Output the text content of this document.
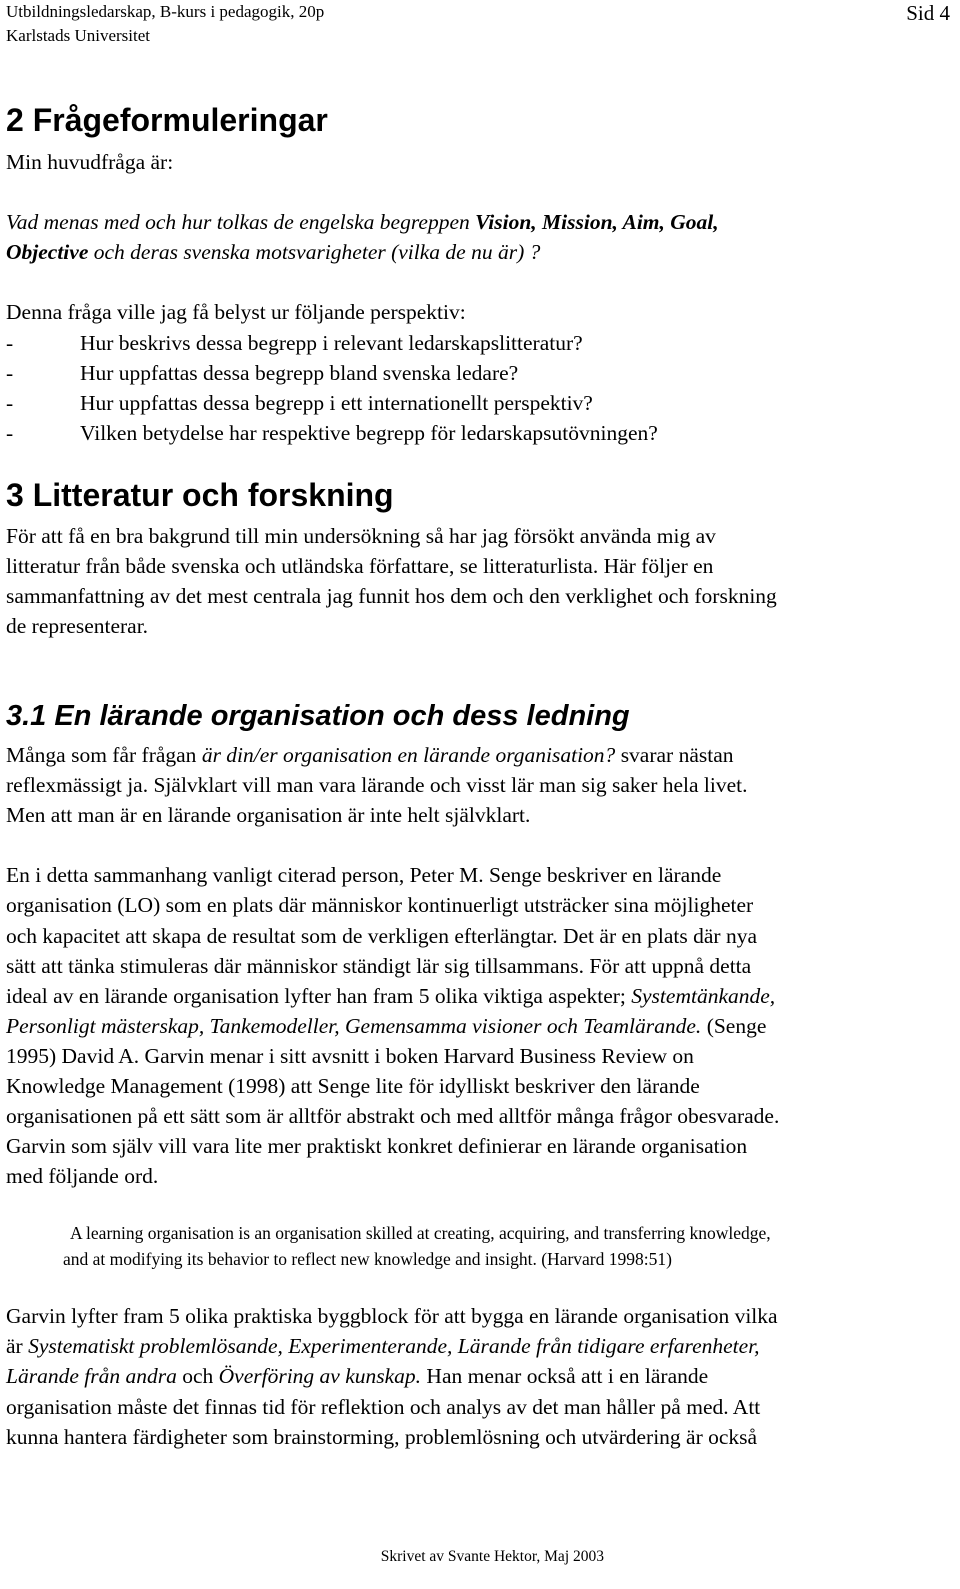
Utbildningsledarskap, B-kurs i pedagogik, 20p
Karlstads Universitet
Sid 4
2 Frågeformuleringar
Min huvudfråga är:
Vad menas med och hur tolkas de engelska begreppen Vision, Mission, Aim, Goal,
Objective och deras svenska motsvarigheter (vilka de nu är) ?
Denna fråga ville jag få belyst ur följande perspektiv:
-	Hur beskrivs dessa begrepp i relevant ledarskapslitteratur?
-	Hur uppfattas dessa begrepp bland svenska ledare?
-	Hur uppfattas dessa begrepp i ett internationellt perspektiv?
-	Vilken betydelse har respektive begrepp för ledarskapsutövningen?
3 Litteratur och forskning
För att få en bra bakgrund till min undersökning så har jag försökt använda mig av
litteratur från både svenska och utländska författare, se litteraturlista. Här följer en
sammanfattning av det mest centrala jag funnit hos dem och den verklighet och forskning
de representerar.
3.1 En lärande organisation och dess ledning
Många som får frågan är din/er organisation en lärande organisation? svarar nästan
reflexmässigt ja. Självklart vill man vara lärande och visst lär man sig saker hela livet.
Men att man är en lärande organisation är inte helt självklart.
En i detta sammanhang vanligt citerad person, Peter M. Senge beskriver en lärande
organisation (LO) som en plats där människor kontinuerligt utsträcker sina möjligheter
och kapacitet att skapa de resultat som de verkligen efterlängtar. Det är en plats där nya
sätt att tänka stimuleras där människor ständigt lär sig tillsammans. För att uppnå detta
ideal av en lärande organisation lyfter han fram 5 olika viktiga aspekter; Systemtänkande,
Personligt mästerskap, Tankemodeller, Gemensamma visioner och Teamlärande. (Senge
1995) David A. Garvin menar i sitt avsnitt i boken Harvard Business Review on
Knowledge Management (1998) att Senge lite för idylliskt beskriver den lärande
organisationen på ett sätt som är alltför abstrakt och med alltför många frågor obesvarade.
Garvin som själv vill vara lite mer praktiskt konkret definierar en lärande organisation
med följande ord.
A learning organisation is an organisation skilled at creating, acquiring, and transferring knowledge,
and at modifying its behavior to reflect new knowledge and insight. (Harvard 1998:51)
Garvin lyfter fram 5 olika praktiska byggblock för att bygga en lärande organisation vilka
är Systematiskt problemlösande, Experimenterande, Lärande från tidigare erfarenheter,
Lärande från andra och Överföring av kunskap. Han menar också att i en lärande
organisation måste det finnas tid för reflektion och analys av det man håller på med. Att
kunna hantera färdigheter som brainstorming, problemlösning och utvärdering är också
Skrivet av Svante Hektor, Maj 2003
